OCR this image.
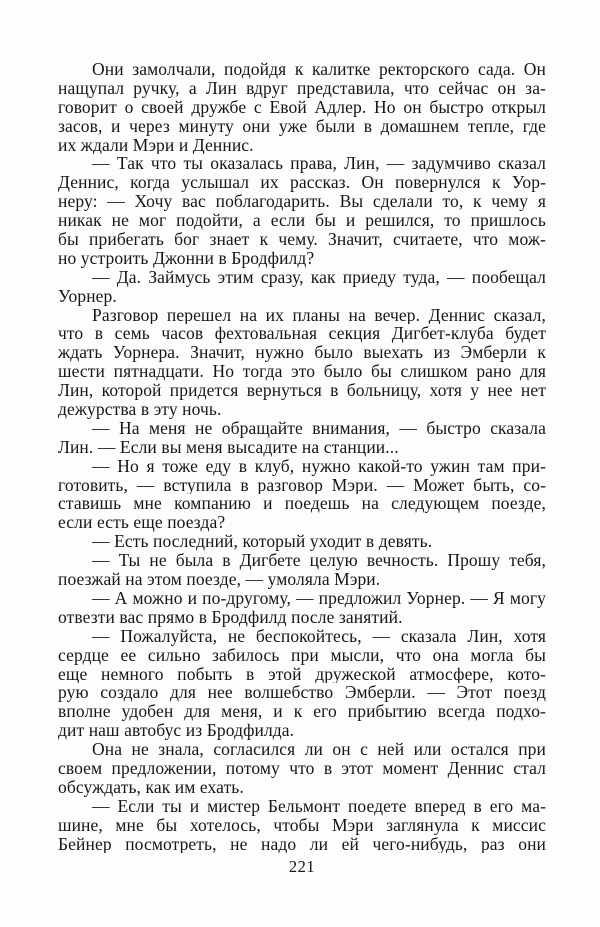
Они замолчали, подойдя к калитке ректорского сада. Он
нащупал ручку, а Лин вдруг представила, что сейчас он за-
говорит о своей дружбе с Евой Адлер. Но он быстро открыл
засов, и через минуту они уже были в домашнем тепле, где
их ждали Мэри и Деннис.
— Так что ты оказалась права, Лин, — задумчиво сказал
Деннис, когда услышал их рассказ. Он повернулся к Уор-
неру: — Хочу вас поблагодарить. Вы сделали то, к чему я
никак не мог подойти, а если бы и решился, то пришлось
бы прибегать бог знает к чему. Значит, считаете, что мож-
но устроить Джонни в Бродфилд?
— Да. Займусь этим сразу, как приеду туда, — пообещал
Уорнер.
Разговор перешел на их планы на вечер. Деннис сказал,
что в семь часов фехтовальная секция Дигбет-клуба будет
ждать Уорнера. Значит, нужно было выехать из Эмберли к
шести пятнадцати. Но тогда это было бы слишком рано для
Лин, которой придется вернуться в больницу, хотя у нее нет
дежурства в эту ночь.
— На меня не обращайте внимания, — быстро сказала
Лин. — Если вы меня высадите на станции...
— Но я тоже еду в клуб, нужно какой-то ужин там при-
готовить, — вступила в разговор Мэри. — Может быть, со-
ставишь мне компанию и поедешь на следующем поезде,
если есть еще поезда?
— Есть последний, который уходит в девять.
— Ты не была в Дигбете целую вечность. Прошу тебя,
поезжай на этом поезде, — умоляла Мэри.
— А можно и по-другому, — предложил Уорнер. — Я могу
отвезти вас прямо в Бродфилд после занятий.
— Пожалуйста, не беспокойтесь, — сказала Лин, хотя
сердце ее сильно забилось при мысли, что она могла бы
еще немного побыть в этой дружеской атмосфере, кото-
рую создало для нее волшебство Эмберли. — Этот поезд
вполне удобен для меня, и к его прибытию всегда подхо-
дит наш автобус из Бродфилда.
Она не знала, согласился ли он с ней или остался при
своем предложении, потому что в этот момент Деннис стал
обсуждать, как им ехать.
— Если ты и мистер Бельмонт поедете вперед в его ма-
шине, мне бы хотелось, чтобы Мэри заглянула к миссис
Бейнер посмотреть, не надо ли ей чего-нибудь, раз они
221
